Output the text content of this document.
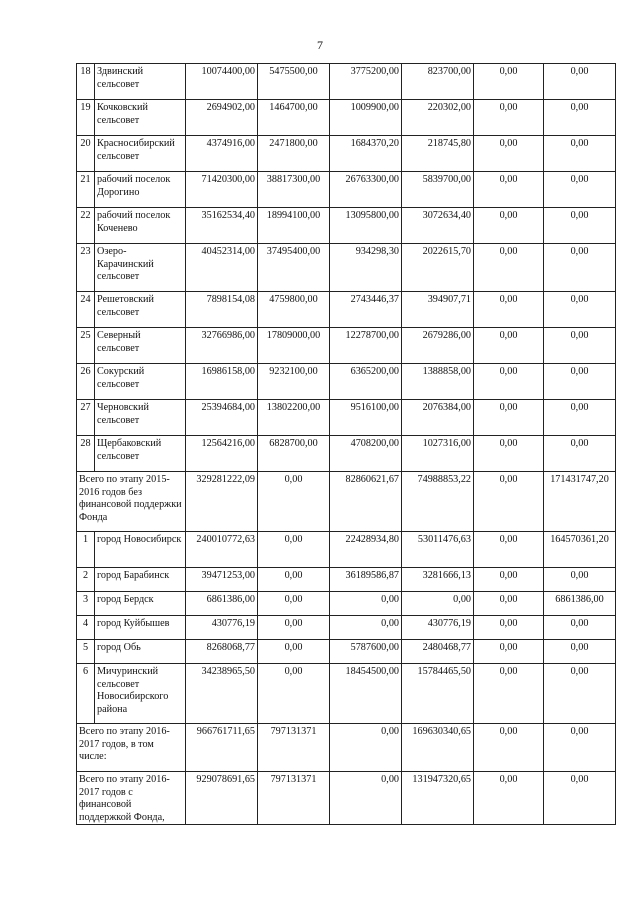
7
18	Здвинский сельсовет	10074400,00	5475500,00	3775200,00	823700,00	0,00	0,00
19	Кочковский сельсовет	2694902,00	1464700,00	1009900,00	220302,00	0,00	0,00
20	Красносибирский сельсовет	4374916,00	2471800,00	1684370,20	218745,80	0,00	0,00
21	рабочий поселок Дорогино	71420300,00	38817300,00	26763300,00	5839700,00	0,00	0,00
22	рабочий поселок Коченево	35162534,40	18994100,00	13095800,00	3072634,40	0,00	0,00
23	Озеро-Карачинский сельсовет	40452314,00	37495400,00	934298,30	2022615,70	0,00	0,00
24	Решетовский сельсовет	7898154,08	4759800,00	2743446,37	394907,71	0,00	0,00
25	Северный сельсовет	32766986,00	17809000,00	12278700,00	2679286,00	0,00	0,00
26	Сокурский сельсовет	16986158,00	9232100,00	6365200,00	1388858,00	0,00	0,00
27	Черновский сельсовет	25394684,00	13802200,00	9516100,00	2076384,00	0,00	0,00
28	Щербаковский сельсовет	12564216,00	6828700,00	4708200,00	1027316,00	0,00	0,00
Всего по этапу 2015-2016 годов без финансовой поддержки Фонда		329281222,09	0,00	82860621,67	74988853,22	0,00	171431747,20
1	город Новосибирск	240010772,63	0,00	22428934,80	53011476,63	0,00	164570361,20
2	город Барабинск	39471253,00	0,00	36189586,87	3281666,13	0,00	0,00
3	город Бердск	6861386,00	0,00	0,00	0,00	0,00	6861386,00
4	город Куйбышев	430776,19	0,00	0,00	430776,19	0,00	0,00
5	город Обь	8268068,77	0,00	5787600,00	2480468,77	0,00	0,00
6	Мичуринский сельсовет Новосибирского района	34238965,50	0,00	18454500,00	15784465,50	0,00	0,00
Всего по этапу 2016-2017 годов, в том числе:		966761711,65	797131371	0,00	169630340,65	0,00	0,00
Всего по этапу 2016-2017 годов с финансовой поддержкой Фонда,		929078691,65	797131371	0,00	131947320,65	0,00	0,00
